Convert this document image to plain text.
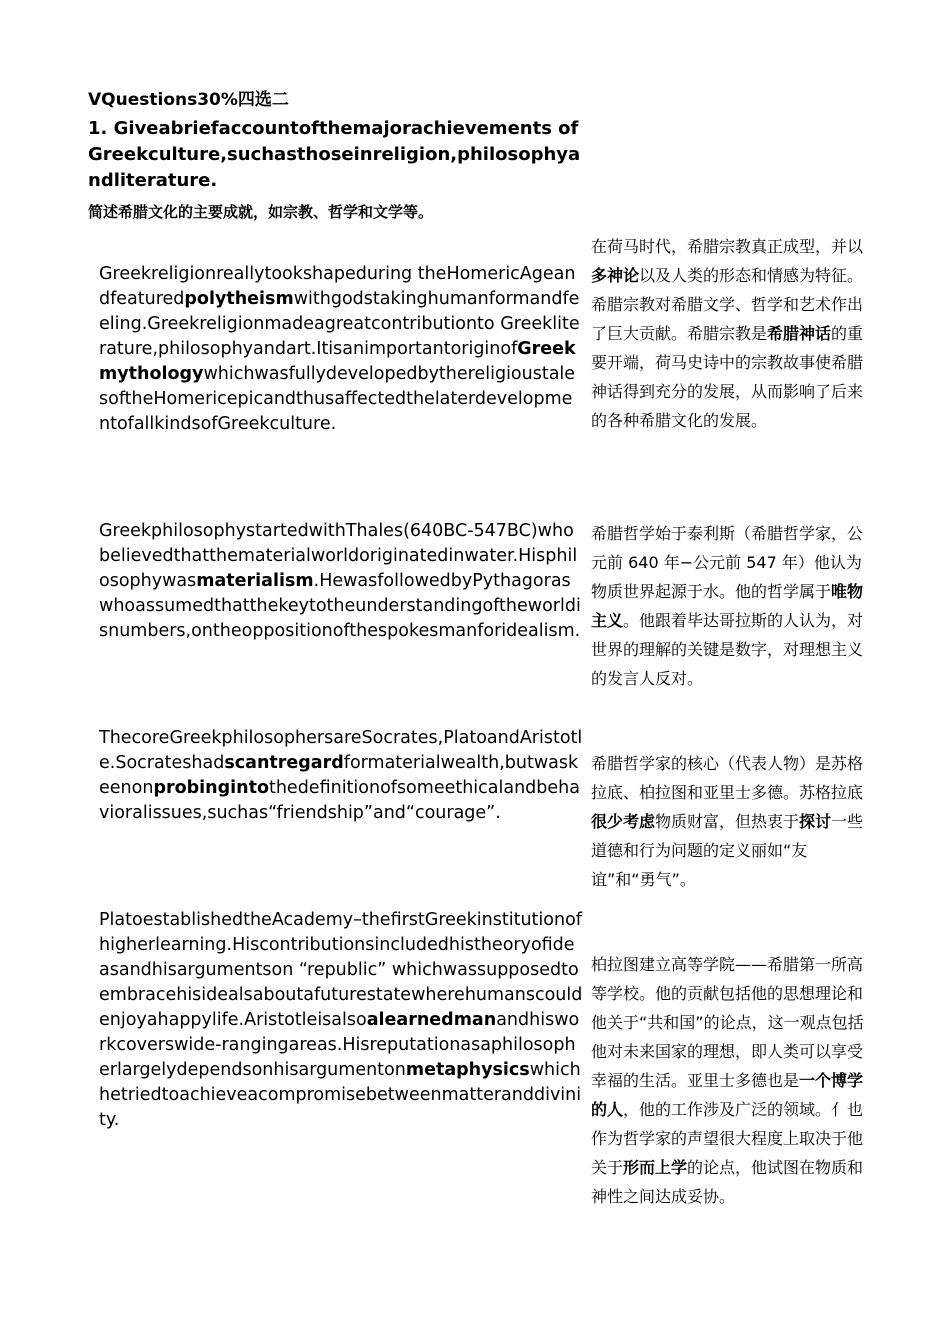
VQuestions30%四选二
1. Giveabriefaccountofthemajorachievements ofGreekculture,suchasthoseinreligion,philosophyandliterature.
简述希腊文化的主要成就，如宗教、哲学和文学等。
Greekreligionreallytookshapeduring theHomericAgeandfeaturedpolytheismwithgodstakinghumanformandfeeling.Greekreligionmadeagreatcontributionto Greekliterature,philosophyandart.ItisanimportantoriginofGreekmythologywhichwasfullydevelopedbythereligioustalesoftheHomericepicandthusaffectedthelaterdevelopmentofallkindsofGreekculture.
在荷马时代，希腊宗教真正成型，并以多神论以及人类的形态和情感为特征。希腊宗教对希腊文学、哲学和艺术作出了巨大贡献。希腊宗教是希腊神话的重要开端，荷马史诗中的宗教故事使希腊神话得到充分的发展，从而影响了后来的各种希腊文化的发展。
GreekphilosophystartedwithThales(640BC-547BC)whobelievedthatthematerialworldoriginatedinwater.Hisphilosophywasmaterialism.HewasfollowedbyPythagoraswhoassumedthatthekeytotheunderstandingoftheworldisnumbers,ontheoppositionofthespokesmanforidealism.
希腊哲学始于泰利斯（希腊哲学家，公元前 640 年−公元前 547 年）他认为物质世界起源于水。他的哲学属于唯物主义。他跟着毕达哥拉斯的人认为，对世界的理解的关键是数字，对理想主义的发言人反对。
ThecoreGreekphilosophersareSocrates,PlatoandAristotle.Socrateshadscantregardformaterialwealth,butwaskeenonprobingintothedefinitionofsomeethicalandbehavioralissues,suchas“friendship”and“courage”.
希腊哲学家的核心（代表人物）是苏格拉底、柏拉图和亚里士多德。苏格拉底很少考虑物质财富，但热衷于探讨一些道德和行为问题的定义丽如“友谊”和“勇气”。
PlatoestablishedtheAcademy–thefirstGreekinstitutionofhigherlearning.Hiscontributionsincludedhistheoryofideasandhisargumentson “republic” whichwassupposedtoembracehisidealsaboutafuturestatewherehumanscouldenjoyahappylife.Aristotleisalsoalearnedmanandhisworkcoverswide-rangingareas.Hisreputationasaphilosopherlargelydependsonhisargumentonmetaphysicswhichhetriedtoachieveacompromisebetweenmatteranddivinity.
柏拉图建立高等学院——希腊第一所高等学校。他的贡献包括他的思想理论和他关于“共和国”的论点，这一观点包括他对未来国家的理想，即人类可以享受幸福的生活。亚里士多德也是一个博学的人，他的工作涉及广泛的领域。亻也作为哲学家的声望很大程度上取决于他关于形而上学的论点，他试图在物质和神性之间达成妥协。
